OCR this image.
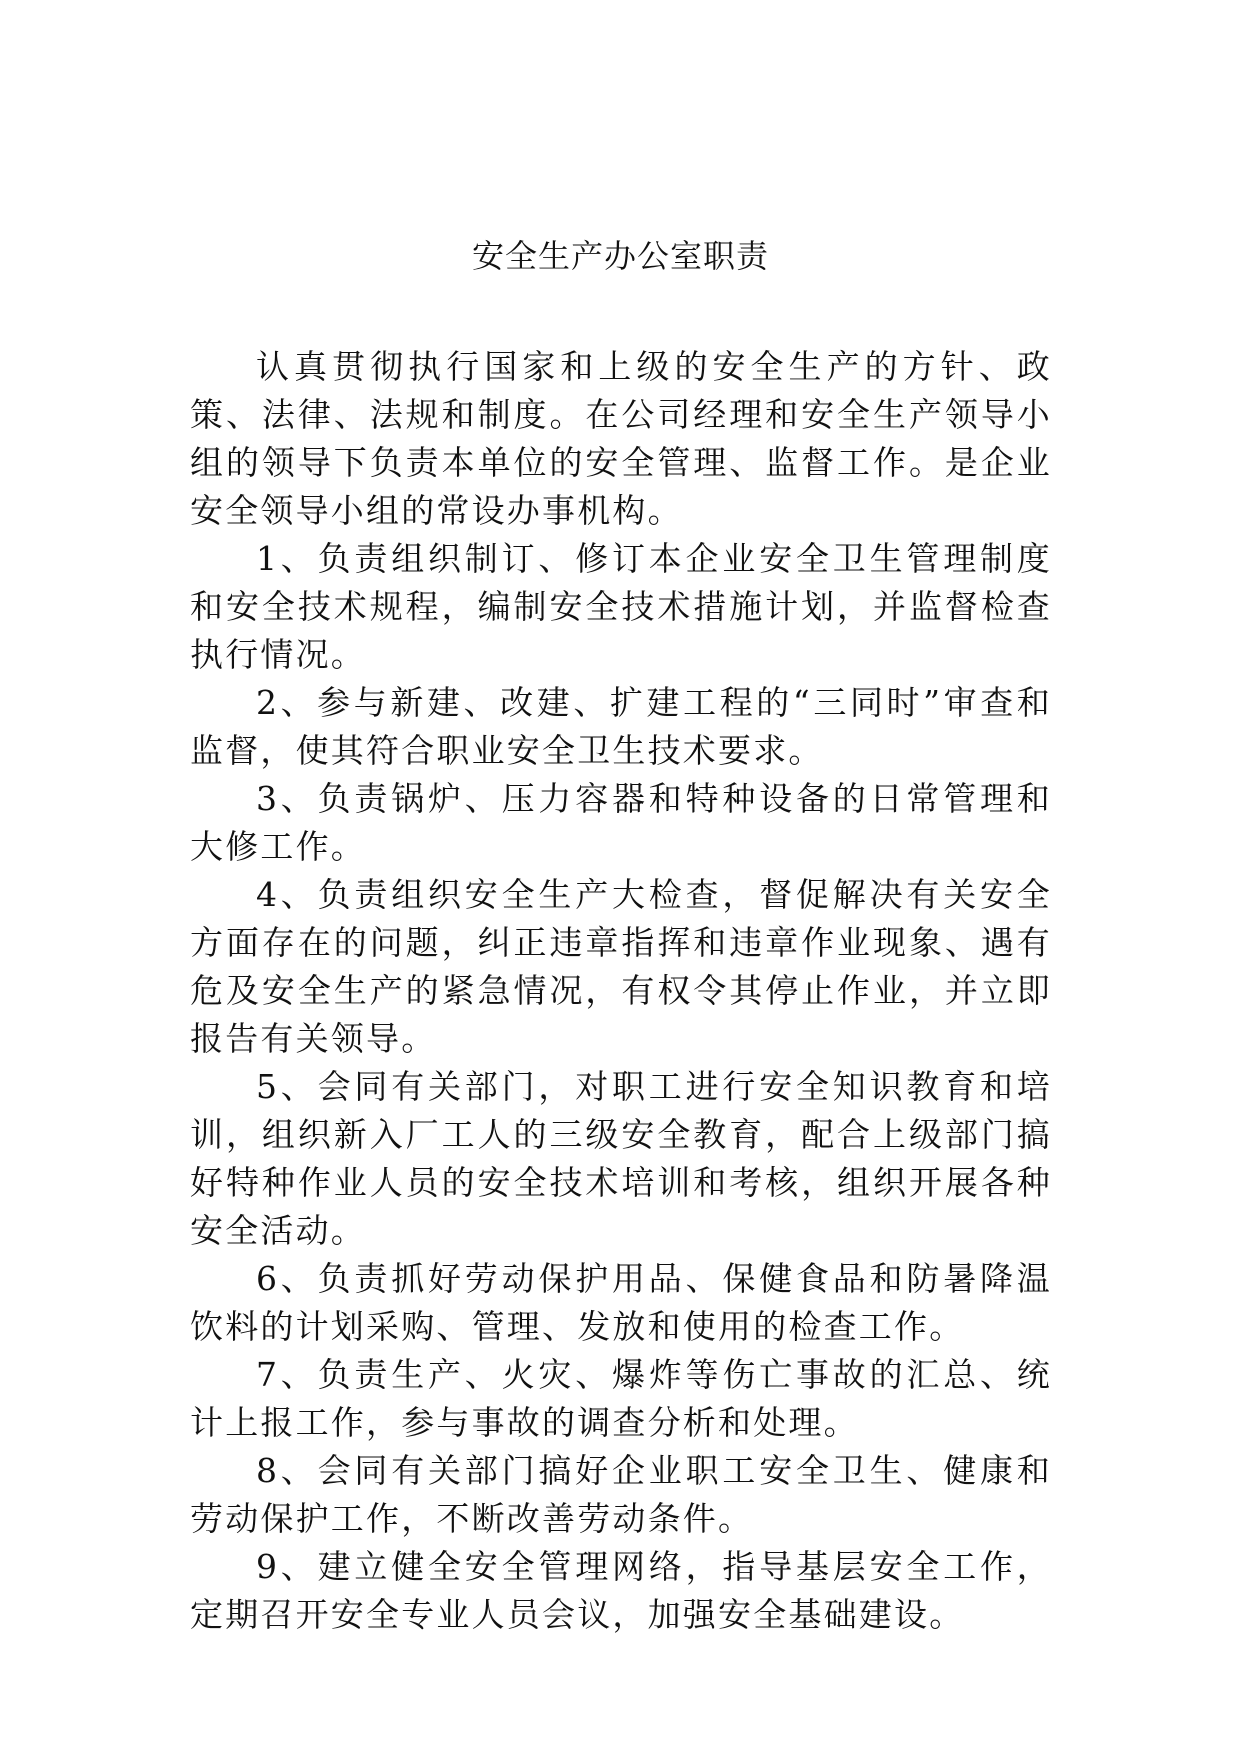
安全生产办公室职责

认真贯彻执行国家和上级的安全生产的方针、政策、法律、法规和制度。在公司经理和安全生产领导小组的领导下负责本单位的安全管理、监督工作。是企业安全领导小组的常设办事机构。

1、负责组织制订、修订本企业安全卫生管理制度和安全技术规程，编制安全技术措施计划，并监督检查执行情况。

2、参与新建、改建、扩建工程的“三同时”审查和监督，使其符合职业安全卫生技术要求。

3、负责锅炉、压力容器和特种设备的日常管理和大修工作。

4、负责组织安全生产大检查，督促解决有关安全方面存在的问题，纠正违章指挥和违章作业现象、遇有危及安全生产的紧急情况，有权令其停止作业，并立即报告有关领导。

5、会同有关部门，对职工进行安全知识教育和培训，组织新入厂工人的三级安全教育，配合上级部门搞好特种作业人员的安全技术培训和考核，组织开展各种安全活动。

6、负责抓好劳动保护用品、保健食品和防暑降温饮料的计划采购、管理、发放和使用的检查工作。

7、负责生产、火灾、爆炸等伤亡事故的汇总、统计上报工作，参与事故的调查分析和处理。

8、会同有关部门搞好企业职工安全卫生、健康和劳动保护工作，不断改善劳动条件。

9、建立健全安全管理网络，指导基层安全工作，定期召开安全专业人员会议，加强安全基础建设。
